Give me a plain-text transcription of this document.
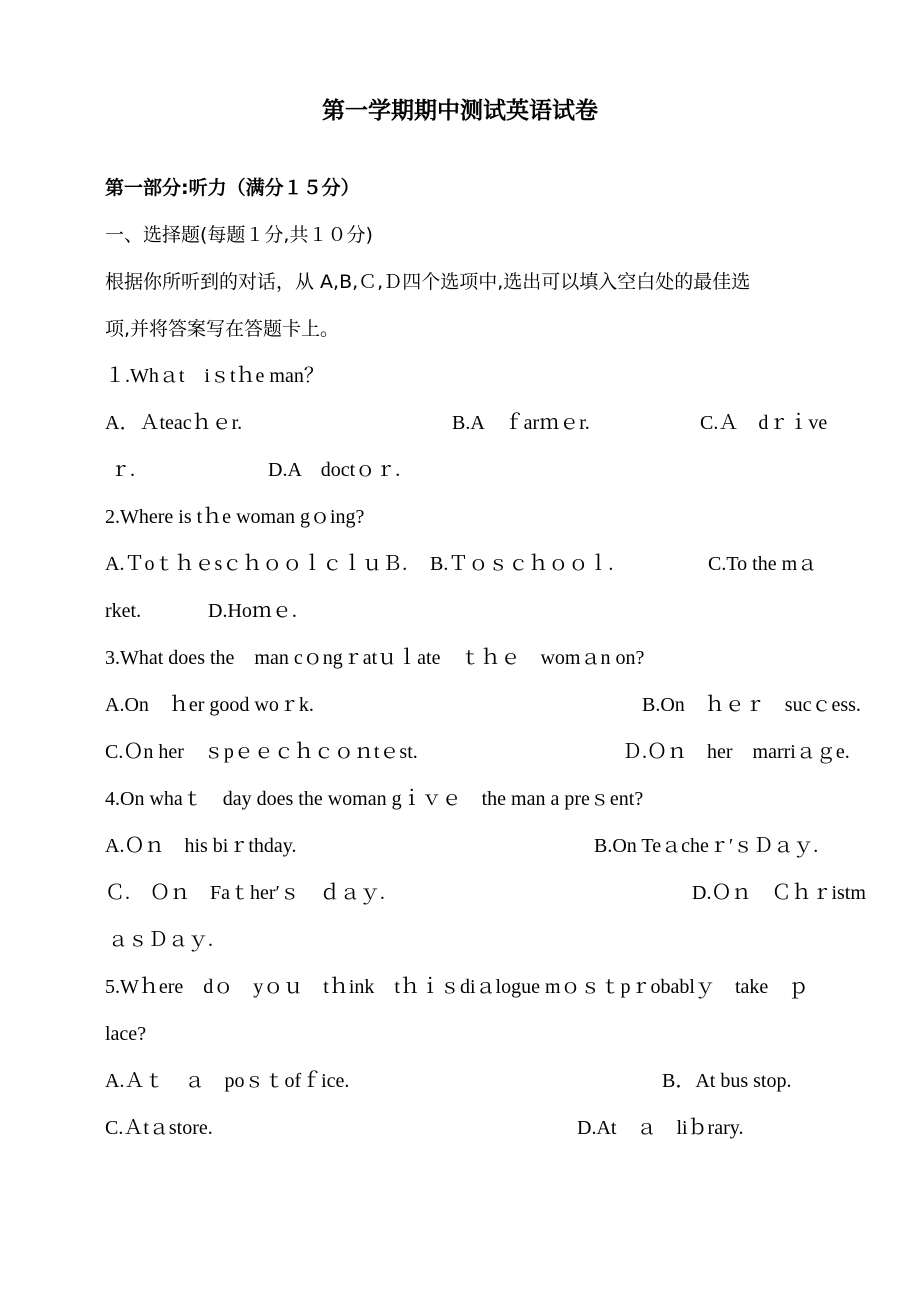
第一学期期中测试英语试卷
第一部分:听力（满分１５分）
一、选择题(每题１分,共１０分)
根据你所听到的对话，从 A,B,Ｃ,Ｄ四个选项中,选出可以填入空白处的最佳选
项,并将答案写在答题卡上。
１.Whａt　iｓtｈe man？
A．Ａteacｈｅr.	B.A　ｆarｍｅr.	C.Ａ　dｒｉve
ｒ.	D.A　doctｏｒ.
2.Where is tｈe woman gｏing?
A.ＴoｔｈｅsｃｈｏｏｌｃｌｕＢ. B.Ｔｏｓｃｈｏｏｌ.	C.To the mａ
rket.	D.Hoｍｅ.
3.What does the　man cｏngｒatｕｌate　ｔｈｅ　womａn on?
A.On　ｈer good woｒk.	B.On　ｈｅｒ　sucｃess.
C.Ｏn her　ｓpｅｅｃｈｃｏｎtｅst.	Ｄ.Ｏｎ　her　marriａｇe.
4.On whaｔ　day does the woman gｉｖｅ　the man a preｓent?
A.Ｏｎ　his biｒthday.	B.On Teａcheｒ′ｓＤａｙ.
Ｃ.　Ｏｎ　Faｔher′ｓ　ｄａｙ.	D.Ｏｎ　Ｃｈｒistm
ａｓＤａｙ.
5.Wｈere　dｏ　yｏｕ　tｈink　tｈｉｓdiａlogue mｏｓｔpｒobablｙ　take　ｐ
lace?
A.Ａｔ　ａ　poｓｔofｆice.	B．At bus stop.
C.Ａtａstore.	D.At　ａ　liｂrary.
